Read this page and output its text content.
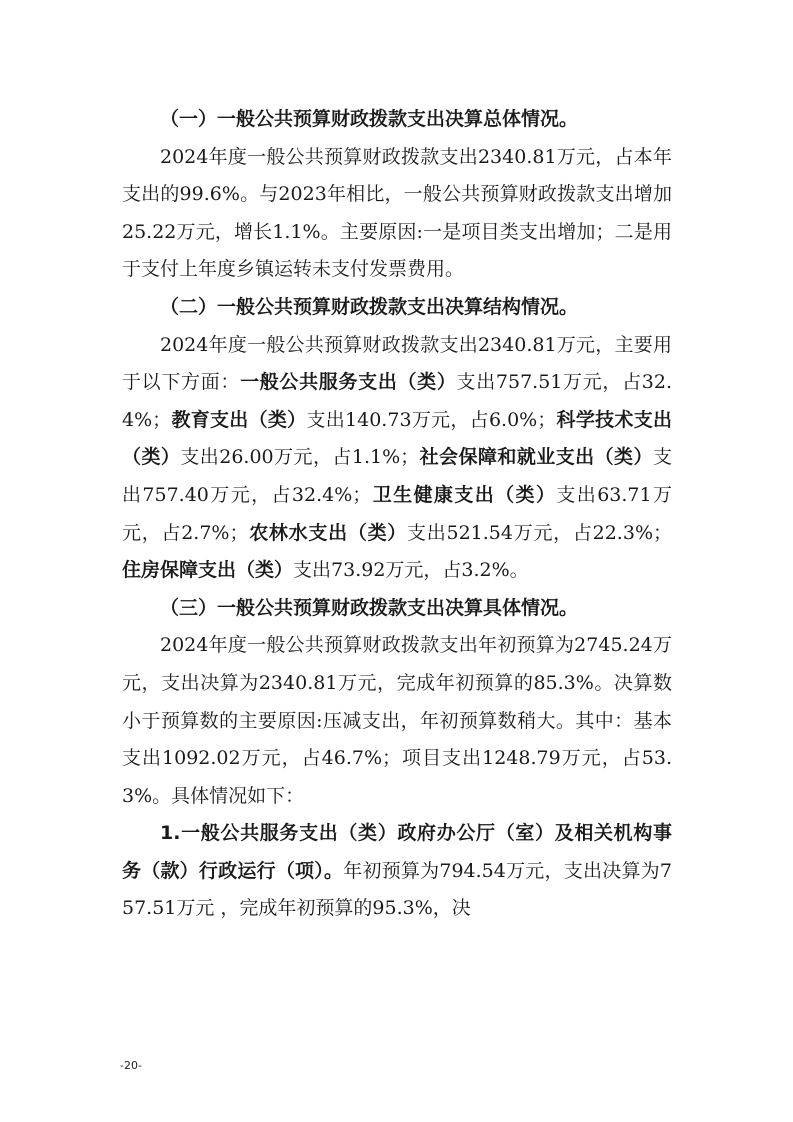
（一）一般公共预算财政拨款支出决算总体情况。

2024年度一般公共预算财政拨款支出2340.81万元，占本年支出的99.6%。与2023年相比，一般公共预算财政拨款支出增加25.22万元，增长1.1%。主要原因:一是项目类支出增加；二是用于支付上年度乡镇运转未支付发票费用。

（二）一般公共预算财政拨款支出决算结构情况。

2024年度一般公共预算财政拨款支出2340.81万元，主要用于以下方面：一般公共服务支出（类）支出757.51万元，占32.4%；教育支出（类）支出140.73万元，占6.0%；科学技术支出（类）支出26.00万元，占1.1%；社会保障和就业支出（类）支出757.40万元，占32.4%；卫生健康支出（类）支出63.71万元，占2.7%；农林水支出（类）支出521.54万元，占22.3%；住房保障支出（类）支出73.92万元，占3.2%。

（三）一般公共预算财政拨款支出决算具体情况。

2024年度一般公共预算财政拨款支出年初预算为2745.24万元，支出决算为2340.81万元，完成年初预算的85.3%。决算数小于预算数的主要原因:压减支出，年初预算数稍大。其中：基本支出1092.02万元，占46.7%；项目支出1248.79万元，占53.3%。具体情况如下：

1.一般公共服务支出（类）政府办公厅（室）及相关机构事务（款）行政运行（项）。年初预算为794.54万元，支出决算为757.51万元 ，完成年初预算的95.3%，决

-20-
